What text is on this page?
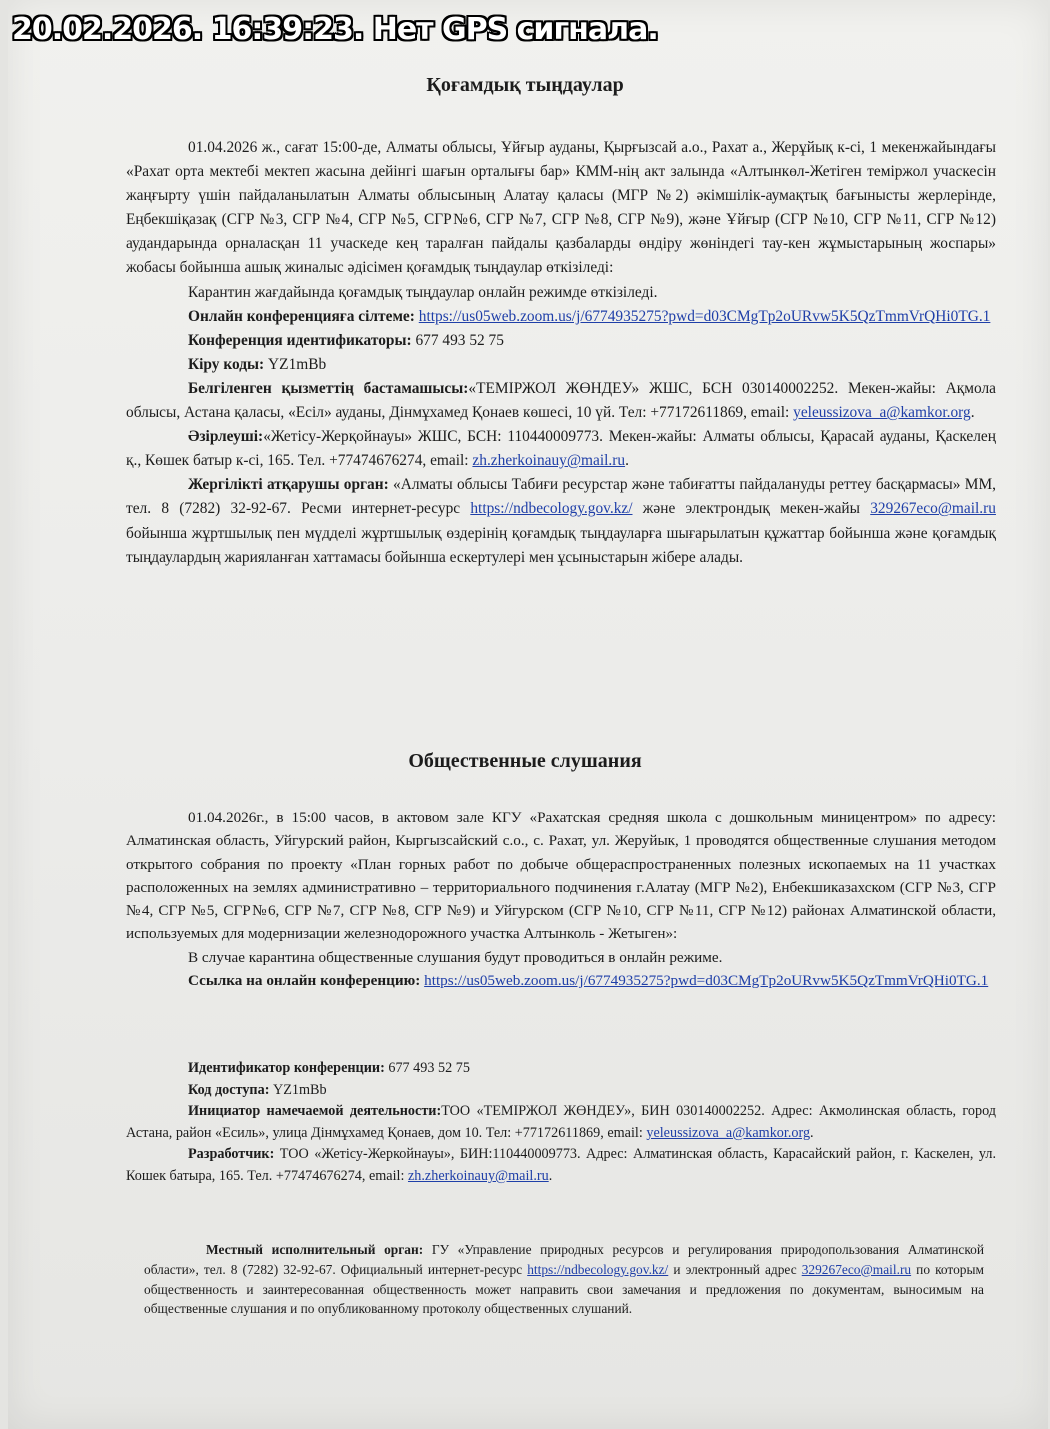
20.02.2026. 16:39:23. Нет GPS сигнала.
Қоғамдық тыңдаулар

01.04.2026 ж., сағат 15:00-де, Алматы облысы, Ұйғыр ауданы, Қырғызсай а.о., Рахат а., Жерұйық к-сі, 1 мекенжайындағы «Рахат орта мектебі мектеп жасына дейінгі шағын орталығы бар» КММ-нің акт залында «Алтынкөл-Жетіген теміржол учаскесін жаңғырту үшін пайдаланылатын Алматы облысының Алатау қаласы (МГР №2) әкімшілік-аумақтық бағынысты жерлерінде, Еңбекшіқазақ (СГР №3, СГР №4, СГР №5, СГР№6, СГР №7, СГР №8, СГР №9), және Ұйғыр (СГР №10, СГР №11, СГР №12) аудандарында орналасқан 11 учаскеде кең таралған пайдалы қазбаларды өндіру жөніндегі тау-кен жұмыстарының жоспары» жобасы бойынша ашық жиналыс әдісімен қоғамдық тыңдаулар өткізіледі:

Карантин жағдайында қоғамдық тыңдаулар онлайн режимде өткізіледі.

Онлайн конференцияға сілтеме: https://us05web.zoom.us/j/6774935275?pwd=d03CMgTp2oURvw5K5QzTmmVrQHi0TG.1

Конференция идентификаторы: 677 493 52 75

Кіру коды: YZ1mBb

Белгіленген қызметтің бастамашысы:«ТЕМІРЖОЛ ЖӨНДЕУ» ЖШС, БСН 030140002252. Мекен-жайы: Ақмола облысы, Астана қаласы, «Есіл» ауданы, Дінмұхамед Қонаев көшесі, 10 үй. Тел: +77172611869, email: yeleussizova_a@kamkor.org.

Әзірлеуші:«Жетісу-Жерқойнауы» ЖШС, БСН: 110440009773. Мекен-жайы: Алматы облысы, Қарасай ауданы, Қаскелең қ., Көшек батыр к-сі, 165. Тел. +77474676274, email: zh.zherkoinauy@mail.ru.

Жергілікті атқарушы орган: «Алматы облысы Табиғи ресурстар және табиғатты пайдалануды реттеу басқармасы» ММ, тел. 8 (7282) 32-92-67. Ресми интернет-ресурс https://ndbecology.gov.kz/ және электрондық мекен-жайы 329267eco@mail.ru бойынша жұртшылық пен мүдделі жұртшылық өздерінің қоғамдық тыңдауларға шығарылатын құжаттар бойынша және қоғамдық тыңдаулардың жарияланған хаттамасы бойынша ескертулері мен ұсыныстарын жібере алады.

Общественные слушания

01.04.2026г., в 15:00 часов, в актовом зале КГУ «Рахатская средняя школа с дошкольным миницентром» по адресу: Алматинская область, Уйгурский район, Кыргызсайский с.о., с. Рахат, ул. Жеруйык, 1 проводятся общественные слушания методом открытого собрания по проекту «План горных работ по добыче общераспространенных полезных ископаемых на 11 участках расположенных на землях административно – территориального подчинения г.Алатау (МГР №2), Енбекшиказахском (СГР №3, СГР №4, СГР №5, СГР№6, СГР №7, СГР №8, СГР №9) и Уйгурском (СГР №10, СГР №11, СГР №12) районах Алматинской области, используемых для модернизации железнодорожного участка Алтынколь - Жетыген»:

В случае карантина общественные слушания будут проводиться в онлайн режиме.

Ссылка на онлайн конференцию: https://us05web.zoom.us/j/6774935275?pwd=d03CMgTp2oURvw5K5QzTmmVrQHi0TG.1

Идентификатор конференции: 677 493 52 75

Код доступа: YZ1mBb

Инициатор намечаемой деятельности:ТОО «ТЕМІРЖОЛ ЖӨНДЕУ», БИН 030140002252. Адрес: Акмолинская область, город Астана, район «Есиль», улица Дінмұхамед Қонаев, дом 10. Тел: +77172611869, email: yeleussizova_a@kamkor.org.

Разработчик: ТОО «Жетісу-Жеркойнауы», БИН:110440009773. Адрес: Алматинская область, Карасайский район, г. Каскелен, ул. Кошек батыра, 165. Тел. +77474676274, email: zh.zherkoinauy@mail.ru.

Местный исполнительный орган: ГУ «Управление природных ресурсов и регулирования природопользования Алматинской области», тел. 8 (7282) 32-92-67. Официальный интернет-ресурс https://ndbecology.gov.kz/ и электронный адрес 329267eco@mail.ru по которым общественность и заинтересованная общественность может направить свои замечания и предложения по документам, выносимым на общественные слушания и по опубликованному протоколу общественных слушаний.
